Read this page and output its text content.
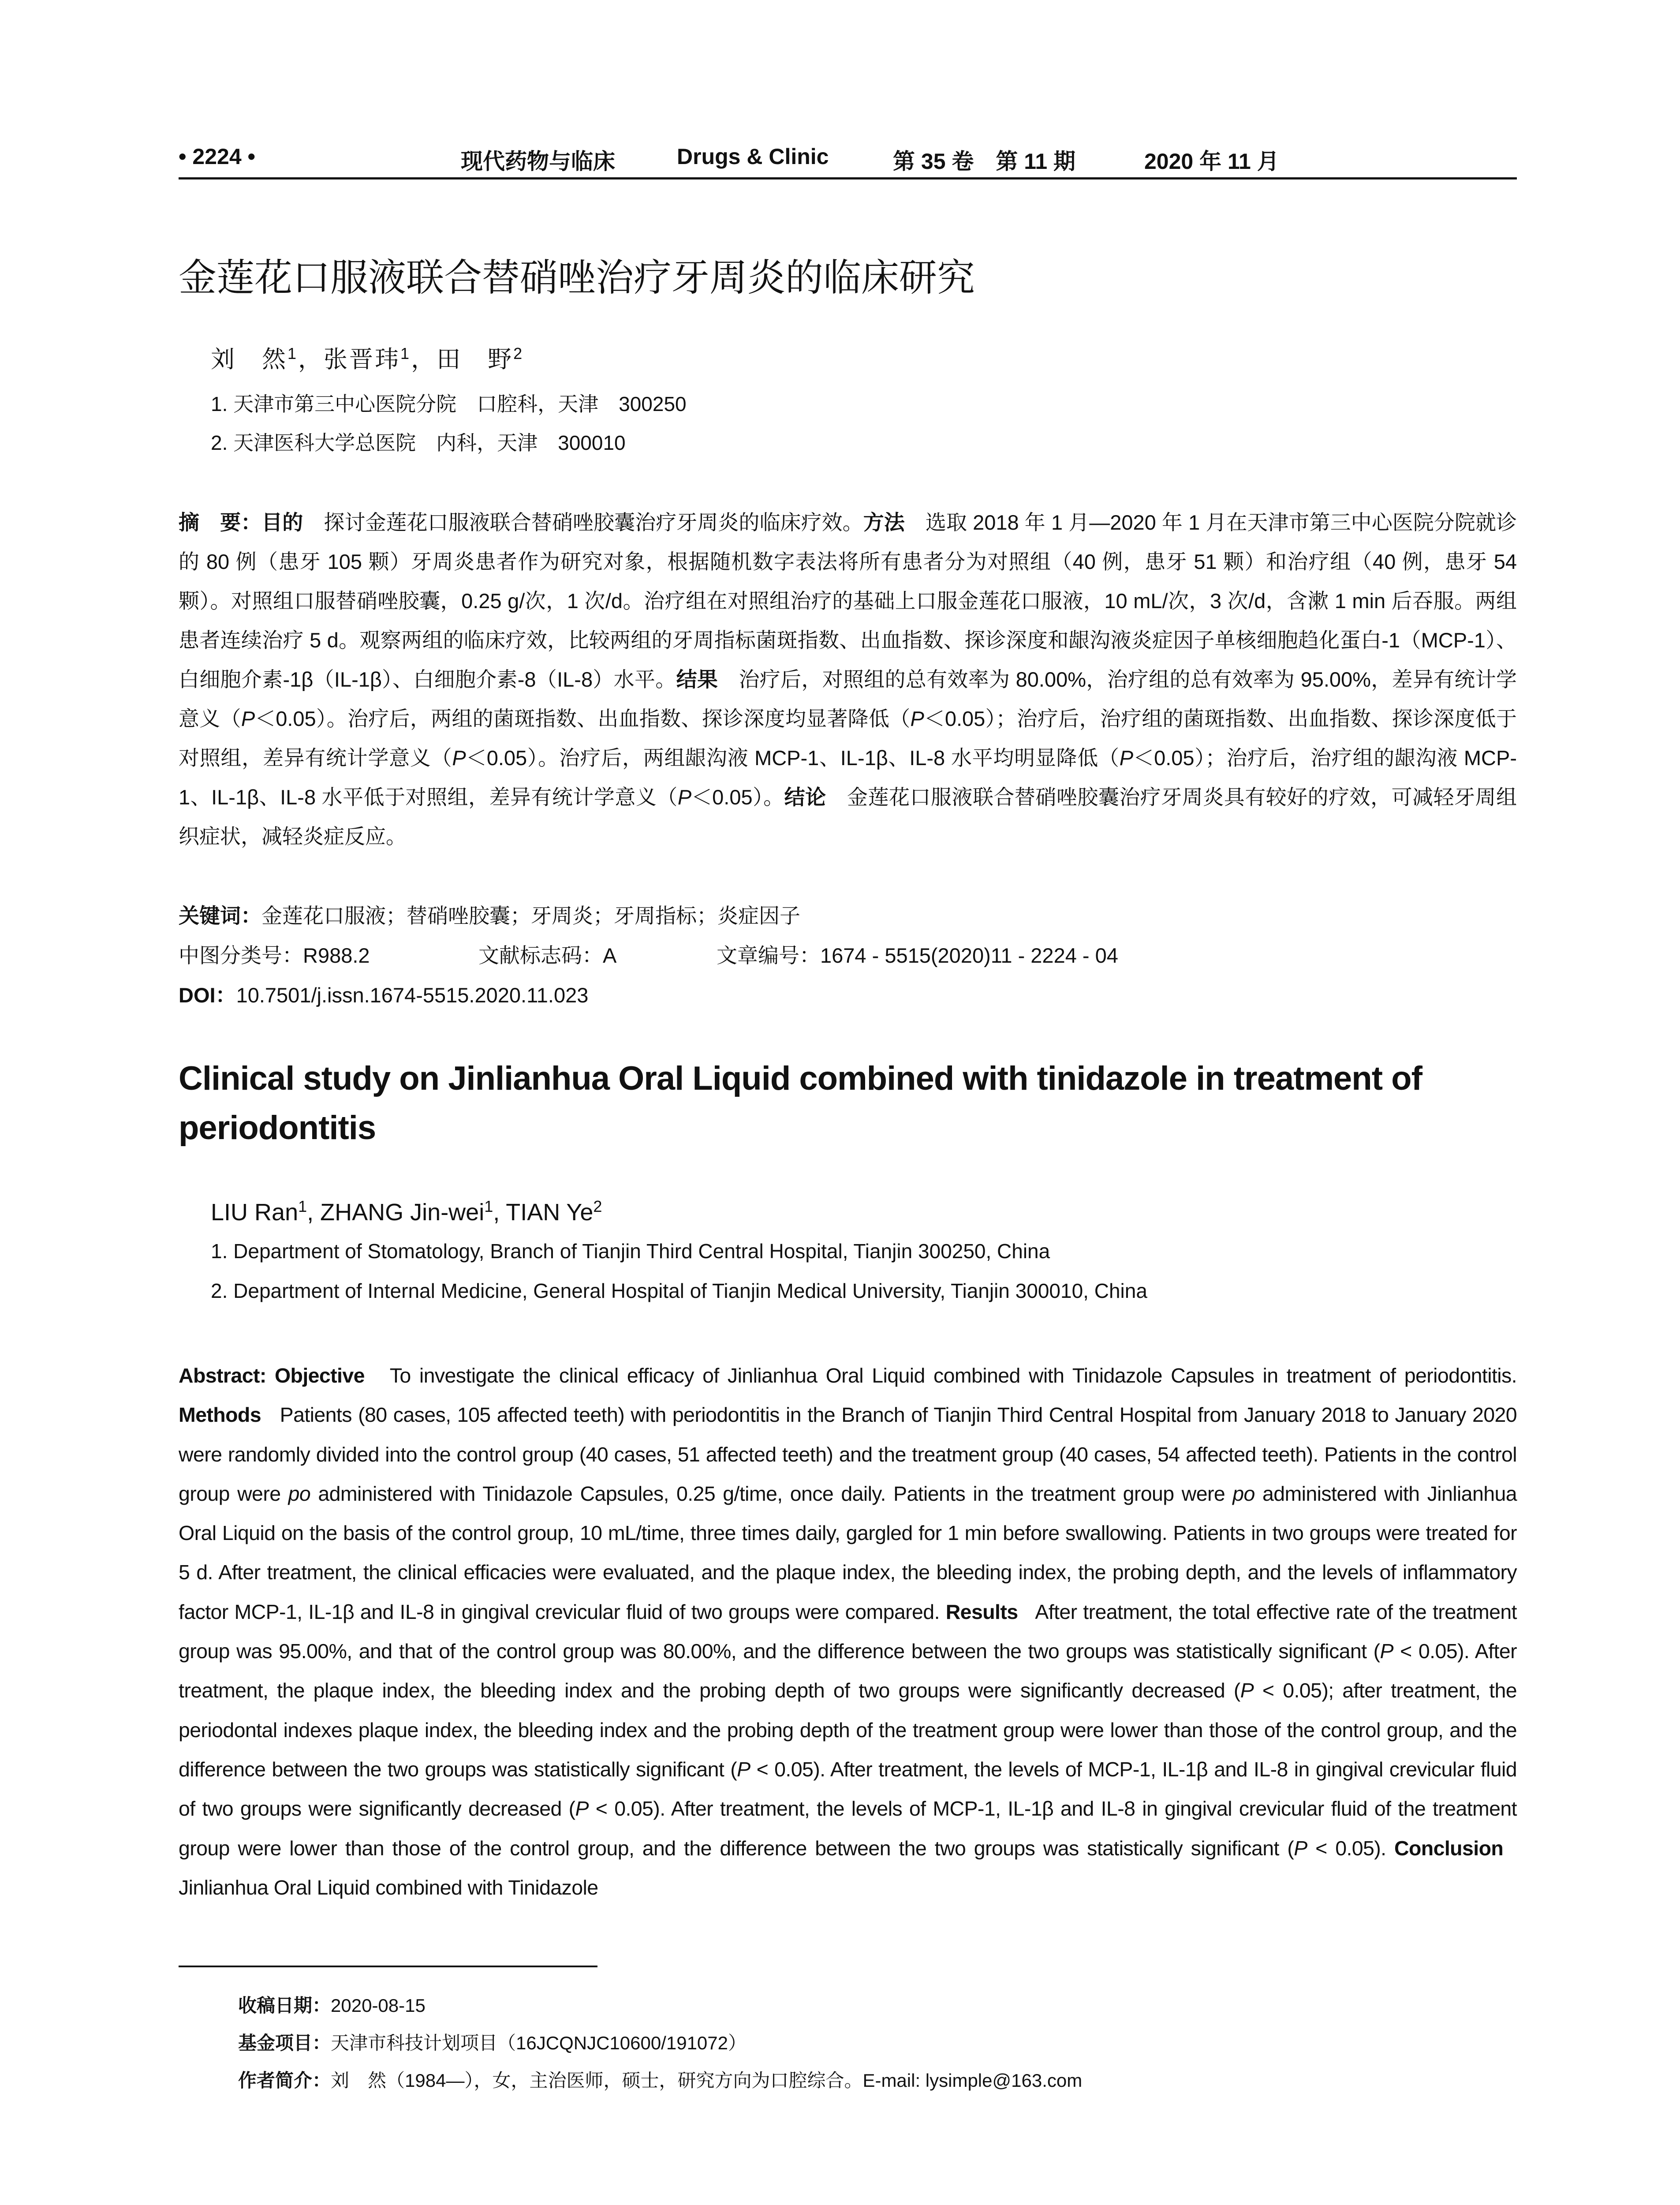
• 2224 •	现代药物与临床	Drugs & Clinic	第 35 卷　第 11 期	2020 年 11 月
金莲花口服液联合替硝唑治疗牙周炎的临床研究
刘　然$^1$，张晋玮$^1$，田　野$^2$
1. 天津市第三中心医院分院　口腔科，天津　300250
2. 天津医科大学总医院　内科，天津　300010
摘　要：目的　 探讨金莲花口服液联合替硝唑胶囊治疗牙周炎的临床疗效。方法　 选取 2018 年 1 月—2020 年 1 月在天津市第三中心医院分院就诊的 80 例（患牙 105 颗）牙周炎患者作为研究对象，根据随机数字表法将所有患者分为对照组（40 例，患牙 51 颗）和治疗组（40 例，患牙 54 颗）。对照组口服替硝唑胶囊，0.25 g/次，1 次/d。治疗组在对照组治疗的基础上口服金莲花口服液，10 mL/次，3 次/d，含漱 1 min 后吞服。两组患者连续治疗 5 d。观察两组的临床疗效，比较两组的牙周指标菌斑指数、出血指数、探诊深度和龈沟液炎症因子单核细胞趋化蛋白-1（MCP-1）、白细胞介素-1β（IL-1β）、白细胞介素-8（IL-8）水平。结果　 治疗后，对照组的总有效率为 80.00%，治疗组的总有效率为 95.00%，差异有统计学意义（P＜0.05）。治疗后，两组的菌斑指数、出血指数、探诊深度均显著降低（P＜0.05）；治疗后，治疗组的菌斑指数、出血指数、探诊深度低于对照组，差异有统计学意义（P＜0.05）。治疗后，两组龈沟液 MCP-1、IL-1β、IL-8 水平均明显降低（P＜0.05）；治疗后，治疗组的龈沟液 MCP-1、IL-1β、IL-8 水平低于对照组，差异有统计学意义（P＜0.05）。结论　 金莲花口服液联合替硝唑胶囊治疗牙周炎具有较好的疗效，可减轻牙周组织症状，减轻炎症反应。
关键词：金莲花口服液；替硝唑胶囊；牙周炎；牙周指标；炎症因子
中图分类号：R988.2	文献标志码：A	文章编号：1674 - 5515(2020)11 - 2224 - 04
DOI：10.7501/j.issn.1674-5515.2020.11.023
Clinical study on Jinlianhua Oral Liquid combined with tinidazole in treatment of periodontitis
LIU Ran$^1$, ZHANG Jin-wei$^1$, TIAN Ye$^2$
1. Department of Stomatology, Branch of Tianjin Third Central Hospital, Tianjin 300250, China
2. Department of Internal Medicine, General Hospital of Tianjin Medical University, Tianjin 300010, China
Abstract: Objective To investigate the clinical efficacy of Jinlianhua Oral Liquid combined with Tinidazole Capsules in treatment of periodontitis. Methods Patients (80 cases, 105 affected teeth) with periodontitis in the Branch of Tianjin Third Central Hospital from January 2018 to January 2020 were randomly divided into the control group (40 cases, 51 affected teeth) and the treatment group (40 cases, 54 affected teeth). Patients in the control group were po administered with Tinidazole Capsules, 0.25 g/time, once daily. Patients in the treatment group were po administered with Jinlianhua Oral Liquid on the basis of the control group, 10 mL/time, three times daily, gargled for 1 min before swallowing. Patients in two groups were treated for 5 d. After treatment, the clinical efficacies were evaluated, and the plaque index, the bleeding index, the probing depth, and the levels of inflammatory factor MCP-1, IL-1β and IL-8 in gingival crevicular fluid of two groups were compared. Results After treatment, the total effective rate of the treatment group was 95.00%, and that of the control group was 80.00%, and the difference between the two groups was statistically significant (P < 0.05). After treatment, the plaque index, the bleeding index and the probing depth of two groups were significantly decreased (P < 0.05); after treatment, the periodontal indexes plaque index, the bleeding index and the probing depth of the treatment group were lower than those of the control group, and the difference between the two groups was statistically significant (P < 0.05). After treatment, the levels of MCP-1, IL-1β and IL-8 in gingival crevicular fluid of two groups were significantly decreased (P < 0.05). After treatment, the levels of MCP-1, IL-1β and IL-8 in gingival crevicular fluid of the treatment group were lower than those of the control group, and the difference between the two groups was statistically significant (P < 0.05). Conclusion   Jinlianhua Oral Liquid combined with Tinidazole
收稿日期：2020-08-15
基金项目：天津市科技计划项目（16JCQNJC10600/191072）
作者简介：刘　然（1984—），女，主治医师，硕士，研究方向为口腔综合。E-mail: lysimple@163.com
